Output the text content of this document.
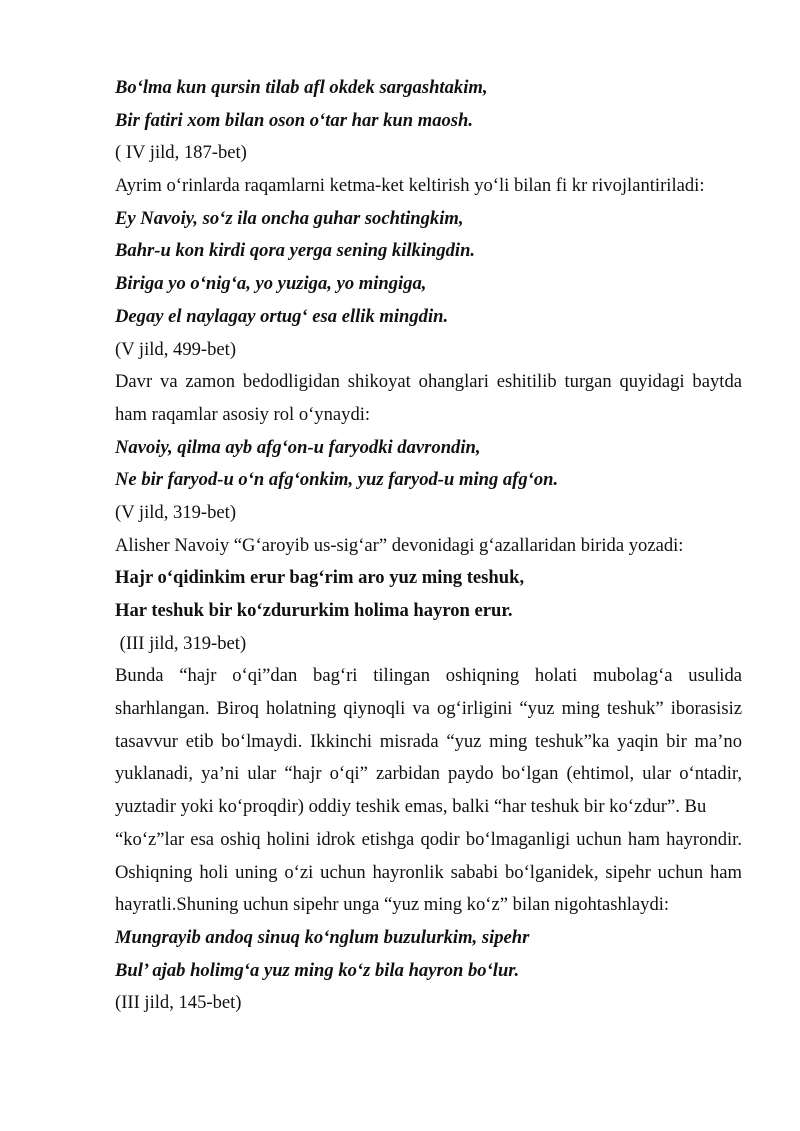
Bo‘lma kun qursin tilab afl okdek sargashtakim,
Bir fatiri xom bilan oson o‘tar har kun maosh.
( IV jild, 187-bet)
Ayrim o‘rinlarda raqamlarni ketma-ket keltirish yo‘li bilan fi kr rivojlantiriladi:
Ey Navoiy, so‘z ila oncha guhar sochtingkim,
Bahr-u kon kirdi qora yerga sening kilkingdin.
Biriga yo o‘nig‘a, yo yuziga, yo mingiga,
Degay el naylagay ortug‘ esa ellik mingdin.
(V jild, 499-bet)
Davr va zamon bedodligidan shikoyat ohanglari eshitilib turgan quyidagi baytda
ham raqamlar asosiy rol o‘ynaydi:
Navoiy, qilma ayb afg‘on-u faryodki davrondin,
Ne bir faryod-u o‘n afg‘onkim, yuz faryod-u ming afg‘on.
(V jild, 319-bet)
Alisher Navoiy “G‘aroyib us-sig‘ar” devonidagi g‘azallaridan birida yozadi:
Hajr o‘qidinkim erur bag‘rim aro yuz ming teshuk,
Har teshuk bir ko‘zdururkim holima hayron erur.
(III jild, 319-bet)
Bunda “hajr o‘qi”dan bag‘ri tilingan oshiqning holati mubolag‘a usulida
sharhlangan. Biroq holatning qiynoqli va og‘irligini “yuz ming teshuk” iborasisiz
tasavvur etib bo‘lmaydi. Ikkinchi misrada “yuz ming teshuk”ka yaqin bir ma’no
yuklanadi, ya’ni ular “hajr o‘qi” zarbidan paydo bo‘lgan (ehtimol, ular o‘ntadir,
yuztadir yoki ko‘proqdir) oddiy teshik emas, balki “har teshuk bir ko‘zdur”. Bu
“ko‘z”lar esa oshiq holini idrok etishga qodir bo‘lmaganligi uchun ham hayrondir.
Oshiqning holi uning o‘zi uchun hayronlik sababi bo‘lganidek, sipehr uchun ham
hayratli.Shuning uchun sipehr unga “yuz ming ko‘z” bilan nigohtashlaydi:
Mungrayib andoq sinuq ko‘nglum buzulurkim, sipehr
Bul’ ajab holimg‘a yuz ming ko‘z bila hayron bo‘lur.
(III jild, 145-bet)
